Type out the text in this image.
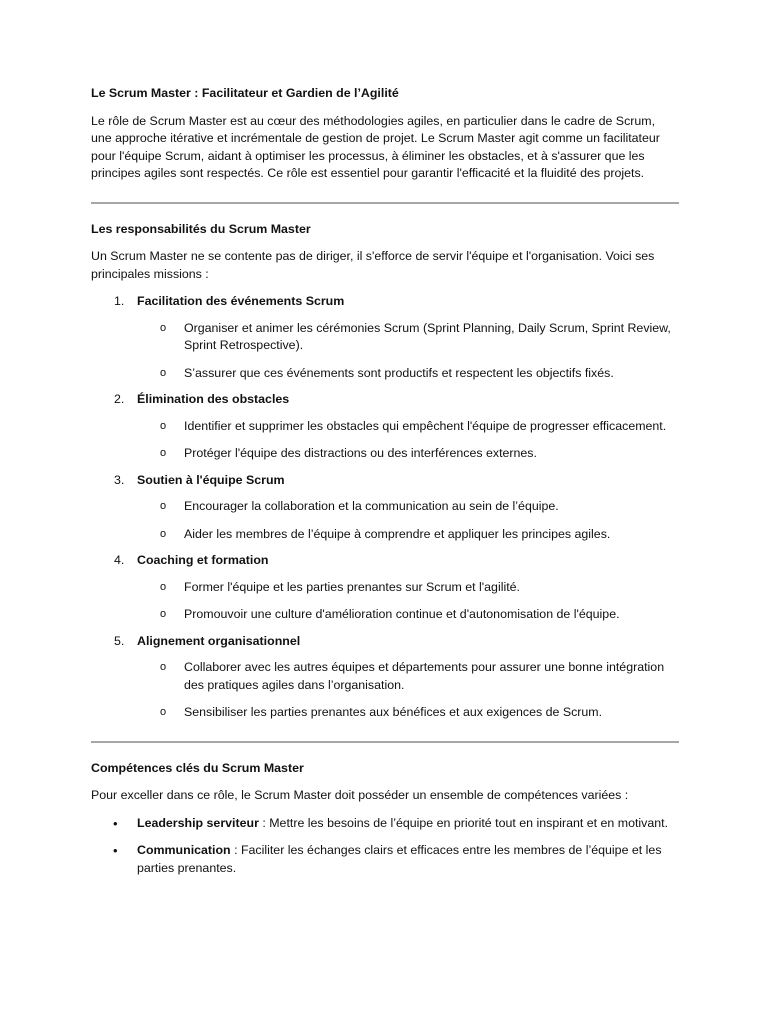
Le Scrum Master : Facilitateur et Gardien de l’Agilité

Le rôle de Scrum Master est au cœur des méthodologies agiles, en particulier dans le cadre de Scrum, une approche itérative et incrémentale de gestion de projet. Le Scrum Master agit comme un facilitateur pour l'équipe Scrum, aidant à optimiser les processus, à éliminer les obstacles, et à s'assurer que les principes agiles sont respectés. Ce rôle est essentiel pour garantir l'efficacité et la fluidité des projets.

Les responsabilités du Scrum Master

Un Scrum Master ne se contente pas de diriger, il s'efforce de servir l'équipe et l'organisation. Voici ses principales missions :

1. Facilitation des événements Scrum
o Organiser et animer les cérémonies Scrum (Sprint Planning, Daily Scrum, Sprint Review, Sprint Retrospective).
o S’assurer que ces événements sont productifs et respectent les objectifs fixés.
2. Élimination des obstacles
o Identifier et supprimer les obstacles qui empêchent l'équipe de progresser efficacement.
o Protéger l'équipe des distractions ou des interférences externes.
3. Soutien à l'équipe Scrum
o Encourager la collaboration et la communication au sein de l’équipe.
o Aider les membres de l’équipe à comprendre et appliquer les principes agiles.
4. Coaching et formation
o Former l'équipe et les parties prenantes sur Scrum et l'agilité.
o Promouvoir une culture d'amélioration continue et d'autonomisation de l'équipe.
5. Alignement organisationnel
o Collaborer avec les autres équipes et départements pour assurer une bonne intégration des pratiques agiles dans l’organisation.
o Sensibiliser les parties prenantes aux bénéfices et aux exigences de Scrum.
Compétences clés du Scrum Master

Pour exceller dans ce rôle, le Scrum Master doit posséder un ensemble de compétences variées :

• Leadership serviteur : Mettre les besoins de l’équipe en priorité tout en inspirant et en motivant.
• Communication : Faciliter les échanges clairs et efficaces entre les membres de l’équipe et les parties prenantes.
